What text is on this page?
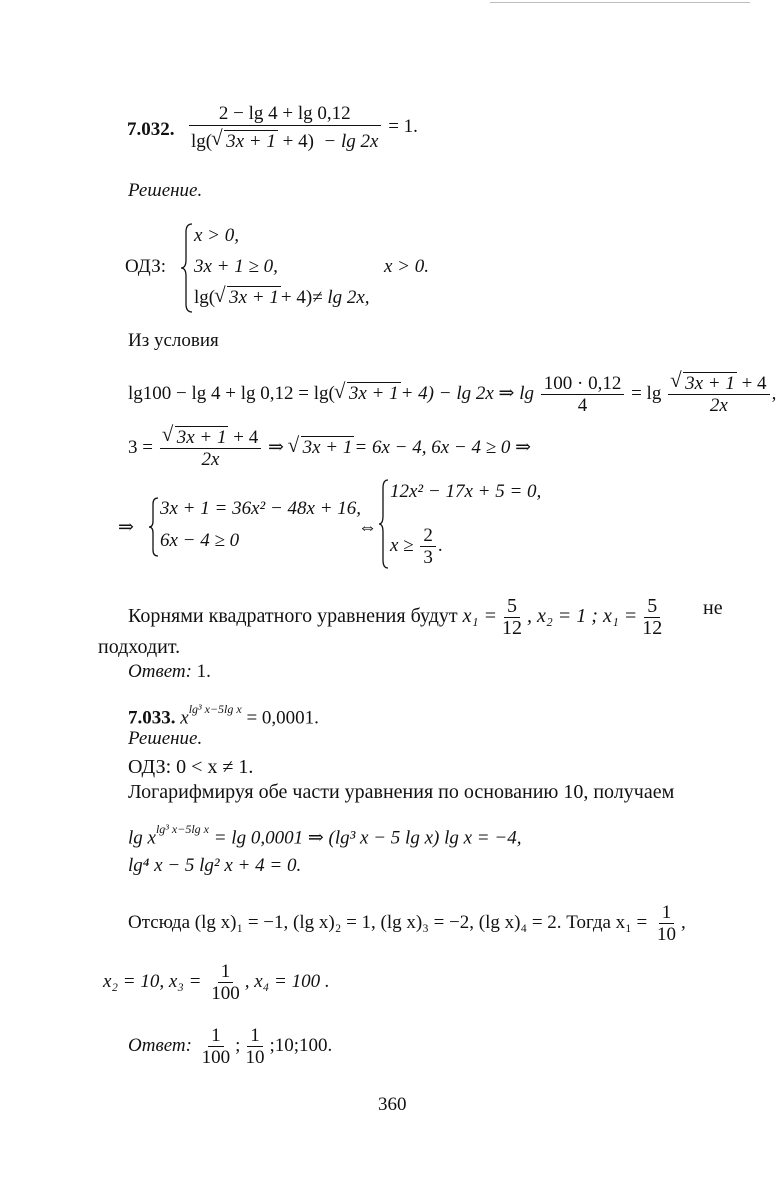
7.032. $\frac{2 - \lg 4 + \lg 0,12}{\lg( √ 3x + 1 + 4) - \lg 2x} = 1$.
Решение.
ОДЗ:
x > 0,
3x + 1 ≥ 0,
lg( √ 3x + 1 + 4)≠ lg 2x,
x > 0.
Из условия
lg100 − lg 4 + lg 0,12 = lg( √ 3x + 1 + 4) − lg 2x ⇒ $\lg \frac{100 \cdot 0,12}{4} = \lg$ √ $\frac{3x + 1 + 4}{2x}$ ,
3 = √ $\frac{3x + 1 + 4}{2x}$ ⇒ √ 3x + 1 = 6x − 4, 6x − 4 ≥ 0 ⇒
⇒
3x + 1 = 36x² − 48x + 16,
6x − 4 ≥ 0
⇔
12x² − 17x + 5 = 0,
$x \ge \frac{2}{3}$ .
Корнями квадратного уравнения будут $x_1 = \frac{5}{12}$ , x₂ = 1 ; $x_1 = \frac{5}{12}$ не
подходит.
Ответ: 1.
7.033. $x^{lg^3 x-5lg x} = 0,0001$.
Решение.
ОДЗ: 0 < x ≠ 1.
Логарифмируя обе части уравнения по основанию 10, получаем
$\lg x^{lg^3 x-5lg x} = \lg 0,0001$ ⇒ (lg³ x − 5 lg x) lg x = −4,
lg⁴ x − 5 lg² x + 4 = 0.
Отсюда (lg x)₁ = −1, (lg x)₂ = 1, (lg x)₃ = −2, (lg x)₄ = 2. Тогда $x_1 = \frac{1}{10}$ ,
x₂ = 10, $x_3 = \frac{1}{100}$ , x₄ = 100 .
Ответ: $\frac{1}{100}$ ; $\frac{1}{10}$ ;10;100.
360
